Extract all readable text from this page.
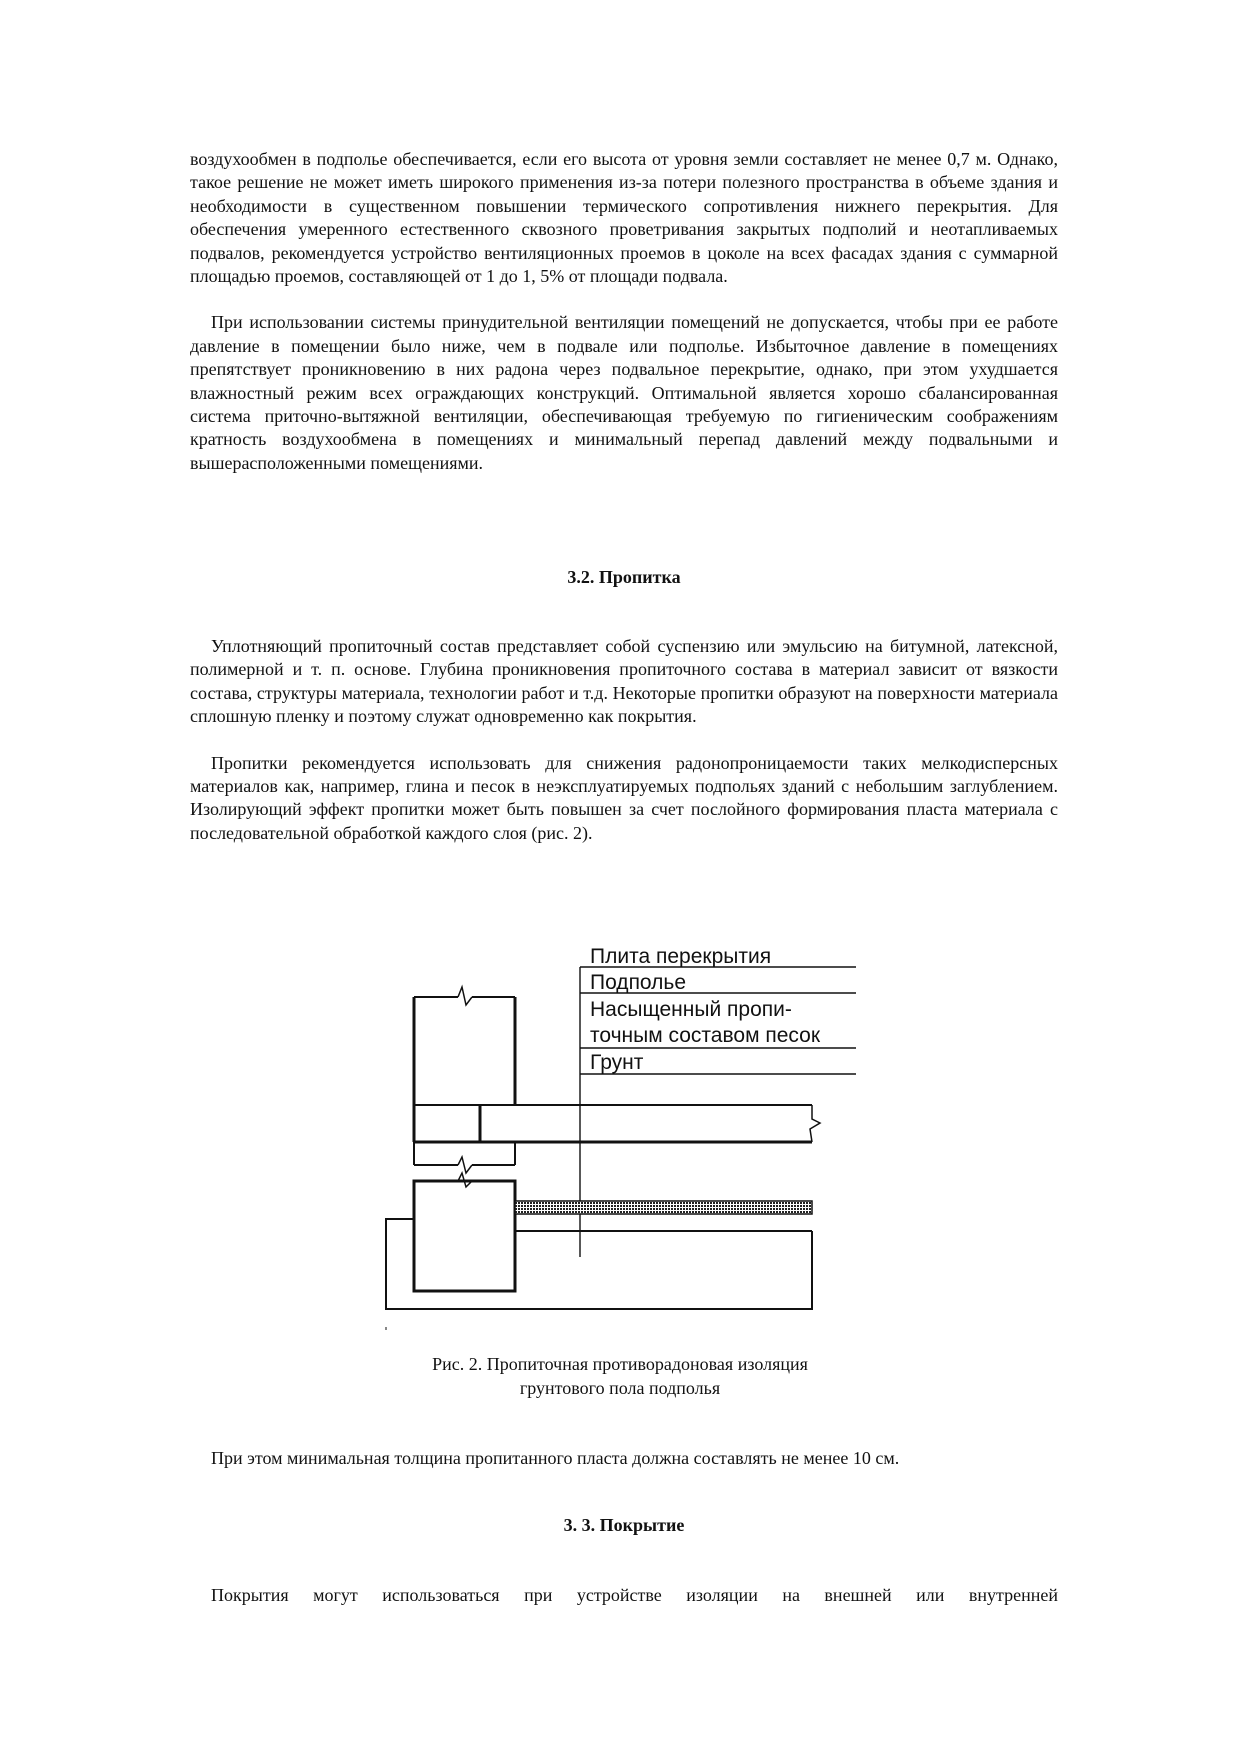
воздухообмен в подполье обеспечивается, если его высота от уровня земли составляет не менее 0,7 м. Однако, такое решение не может иметь широкого применения из-за потери полезного пространства в объеме здания и необходимости в существенном повышении термического сопротивления нижнего перекрытия. Для обеспечения умеренного естественного сквозного проветривания закрытых подполий и неотапливаемых подвалов, рекомендуется устройство вентиляционных проемов в цоколе на всех фасадах здания с суммарной площадью проемов, составляющей от 1 до 1, 5% от площади подвала.

При использовании системы принудительной вентиляции помещений не допускается, чтобы при ее работе давление в помещении было ниже, чем в подвале или подполье. Избыточное давление в помещениях препятствует проникновению в них радона через подвальное перекрытие, однако, при этом ухудшается влажностный режим всех ограждающих конструкций. Оптимальной является хорошо сбалансированная система приточно-вытяжной вентиляции, обеспечивающая требуемую по гигиеническим соображениям кратность воздухообмена в помещениях и минимальный перепад давлений между подвальными и вышерасположенными помещениями.

3.2. Пропитка

Уплотняющий пропиточный состав представляет собой суспензию или эмульсию на битумной, латексной, полимерной и т. п. основе. Глубина проникновения пропиточного состава в материал зависит от вязкости состава, структуры материала, технологии работ и т.д. Некоторые пропитки образуют на поверхности материала сплошную пленку и поэтому служат одновременно как покрытия.

Пропитки рекомендуется использовать для снижения радонопроницаемости таких мелкодисперсных материалов как, например, глина и песок в неэксплуатируемых подпольях зданий с небольшим заглублением. Изолирующий эффект пропитки может быть повышен за счет послойного формирования пласта материала с последовательной обработкой каждого слоя (рис. 2).

Плита перекрытия
Подполье
Насыщенный пропи-
точным составом песок
Грунт
Рис. 2. Пропиточная противорадоновая изоляция
грунтового пола подполья

При этом минимальная толщина пропитанного пласта должна составлять не менее 10 см.

3. 3. Покрытие

Покрытия могут использоваться при устройстве изоляции на внешней или внутренней
